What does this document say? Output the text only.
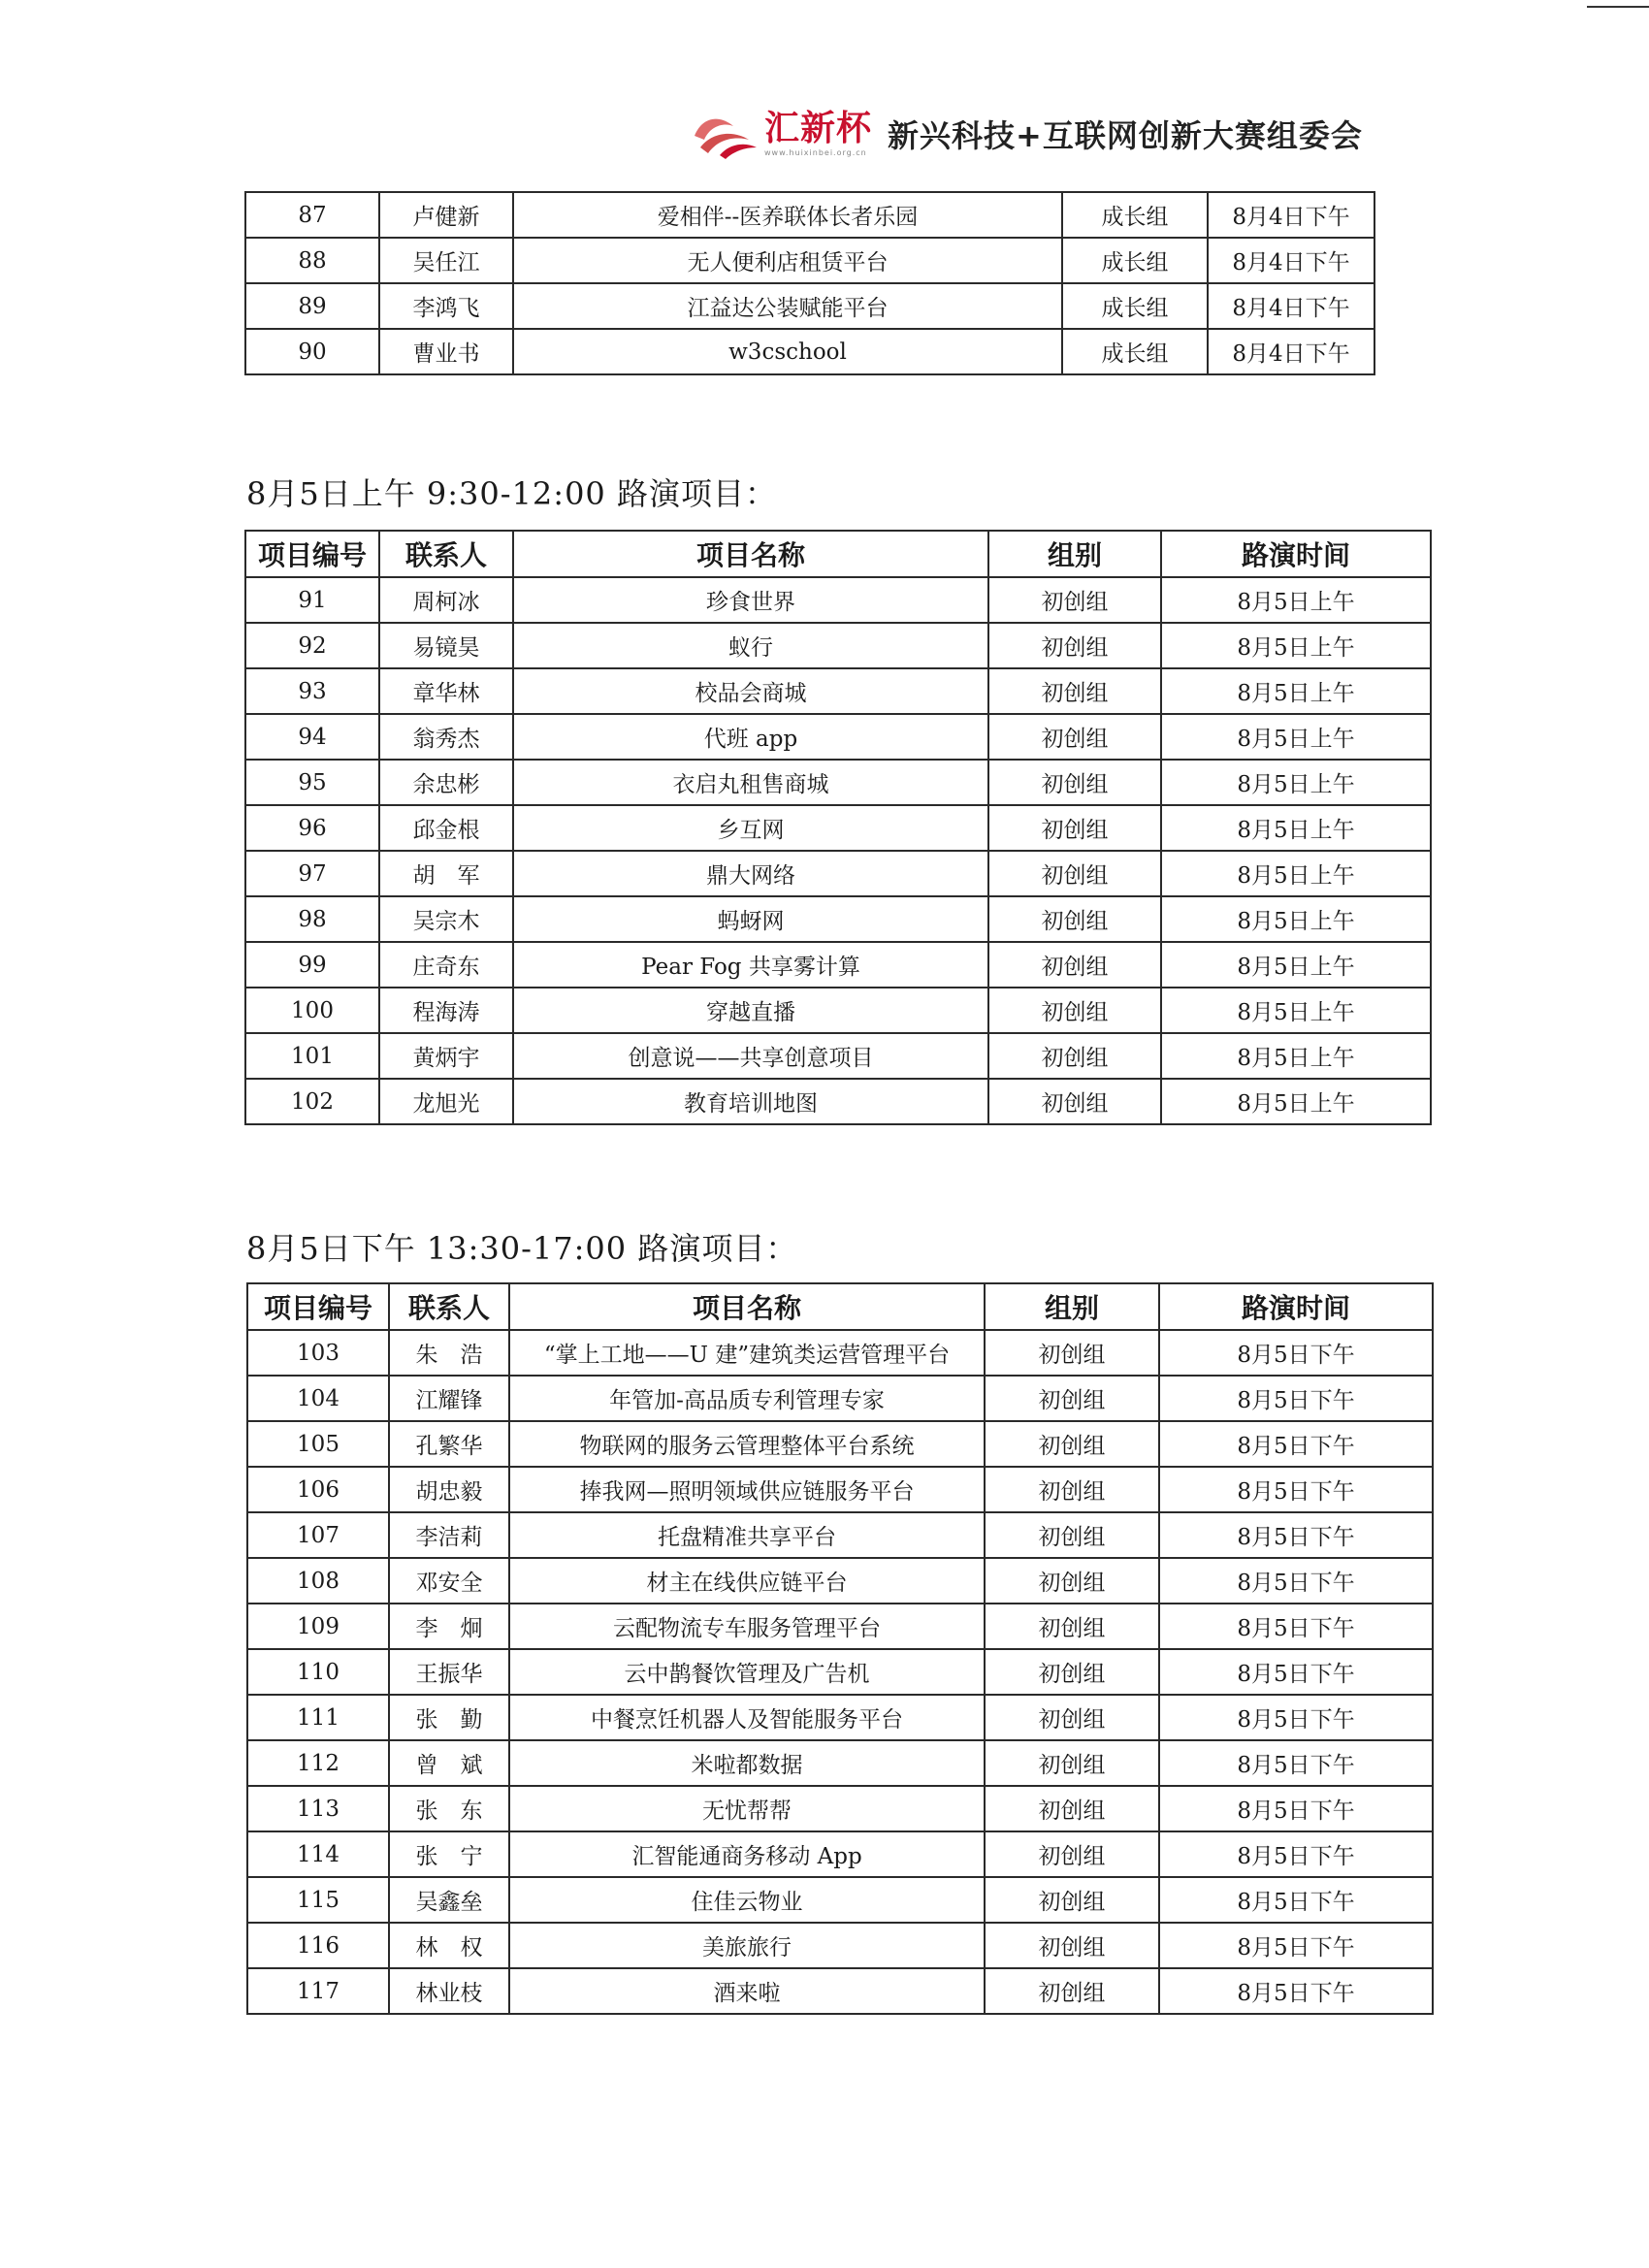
汇新杯
www.huixinbei.org.cn 新兴科技+互联网创新大赛组委会
87	卢健新	爱相伴--医养联体长者乐园	成长组	8月4日下午
88	吴任江	无人便利店租赁平台	成长组	8月4日下午
89	李鸿飞	江益达公装赋能平台	成长组	8月4日下午
90	曹业书	w3cschool	成长组	8月4日下午
8月5日上午 9:30-12:00 路演项目：
项目编号	联系人	项目名称	组别	路演时间
91	周柯冰	珍食世界	初创组	8月5日上午
92	易镜昊	蚁行	初创组	8月5日上午
93	章华林	校品会商城	初创组	8月5日上午
94	翁秀杰	代班 app	初创组	8月5日上午
95	余忠彬	衣启丸租售商城	初创组	8月5日上午
96	邱金根	乡互网	初创组	8月5日上午
97	胡　军	鼎大网络	初创组	8月5日上午
98	吴宗木	蚂蚜网	初创组	8月5日上午
99	庄奇东	Pear Fog 共享雾计算	初创组	8月5日上午
100	程海涛	穿越直播	初创组	8月5日上午
101	黄炳宇	创意说——共享创意项目	初创组	8月5日上午
102	龙旭光	教育培训地图	初创组	8月5日上午
8月5日下午 13:30-17:00 路演项目：
项目编号	联系人	项目名称	组别	路演时间
103	朱　浩	“掌上工地——U 建”建筑类运营管理平台	初创组	8月5日下午
104	江耀锋	年管加-高品质专利管理专家	初创组	8月5日下午
105	孔繁华	物联网的服务云管理整体平台系统	初创组	8月5日下午
106	胡忠毅	捧我网—照明领域供应链服务平台	初创组	8月5日下午
107	李洁莉	托盘精准共享平台	初创组	8月5日下午
108	邓安全	材主在线供应链平台	初创组	8月5日下午
109	李　炯	云配物流专车服务管理平台	初创组	8月5日下午
110	王振华	云中鹊餐饮管理及广告机	初创组	8月5日下午
111	张　勤	中餐烹饪机器人及智能服务平台	初创组	8月5日下午
112	曾　斌	米啦都数据	初创组	8月5日下午
113	张　东	无忧帮帮	初创组	8月5日下午
114	张　宁	汇智能通商务移动 App	初创组	8月5日下午
115	吴鑫垒	住佳云物业	初创组	8月5日下午
116	林　权	美旅旅行	初创组	8月5日下午
117	林业枝	酒来啦	初创组	8月5日下午
